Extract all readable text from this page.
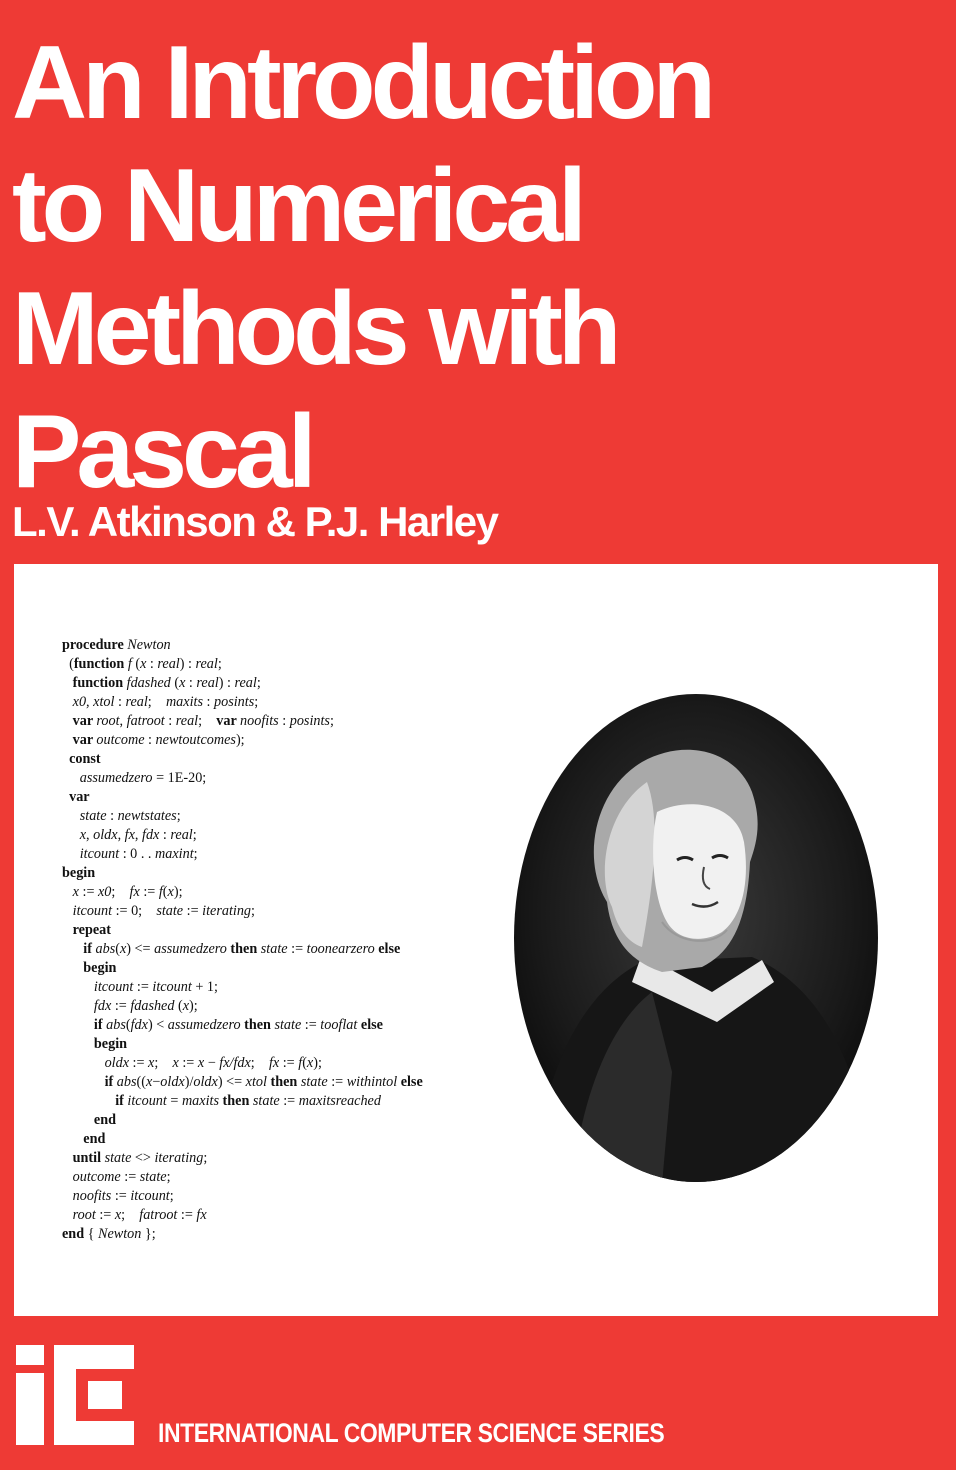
An Introduction
to Numerical
Methods with
Pascal
L.V. Atkinson & P.J. Harley
procedure Newton
(function f (x : real) : real;
function fdashed (x : real) : real;
x0, xtol : real;    maxits : posints;
var root, fatroot : real;    var noofits : posints;
var outcome : newtoutcomes);
const
assumedzero = 1E-20;
var
state : newtstates;
x, oldx, fx, fdx : real;
itcount : 0 . . maxint;
begin
x := x0;    fx := f(x);
itcount := 0;    state := iterating;
repeat
if abs(x) <= assumedzero then state := toonearzero else
begin
itcount := itcount + 1;
fdx := fdashed (x);
if abs(fdx) < assumedzero then state := tooflat else
begin
oldx := x;    x := x − fx/fdx;    fx := f(x);
if abs((x−oldx)/oldx) <= xtol then state := withintol else
if itcount = maxits then state := maxitsreached
end
end
until state <> iterating;
outcome := state;
noofits := itcount;
root := x;    fatroot := fx
end { Newton };
INTERNATIONAL COMPUTER SCIENCE SERIES
